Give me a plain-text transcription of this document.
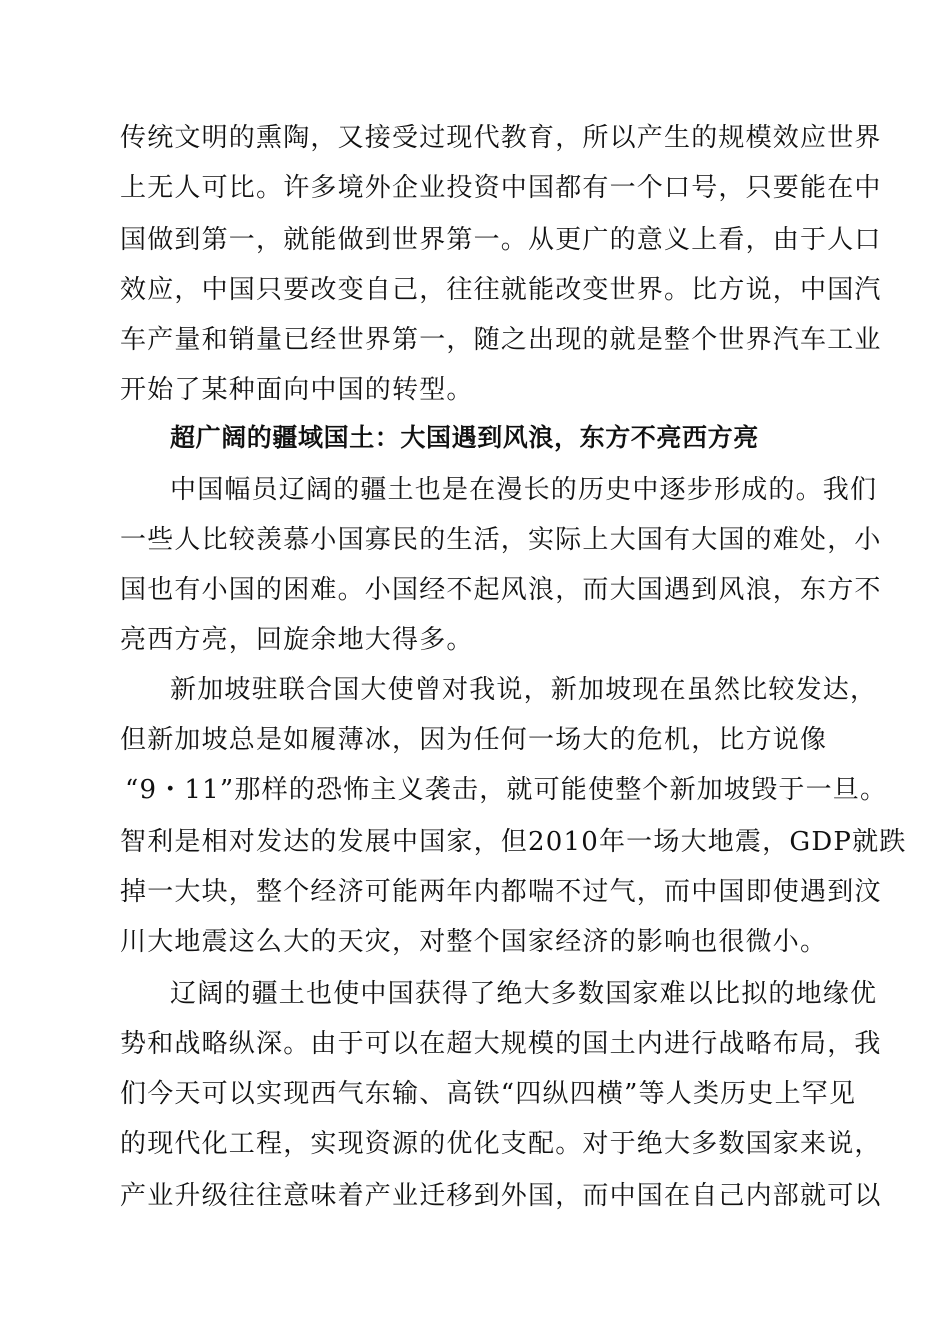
传统文明的熏陶，又接受过现代教育，所以产生的规模效应世界
上无人可比。许多境外企业投资中国都有一个口号，只要能在中
国做到第一，就能做到世界第一。从更广的意义上看，由于人口
效应，中国只要改变自己，往往就能改变世界。比方说，中国汽
车产量和销量已经世界第一，随之出现的就是整个世界汽车工业
开始了某种面向中国的转型。
超广阔的疆域国土：大国遇到风浪，东方不亮西方亮
中国幅员辽阔的疆土也是在漫长的历史中逐步形成的。我们
一些人比较羡慕小国寡民的生活，实际上大国有大国的难处，小
国也有小国的困难。小国经不起风浪，而大国遇到风浪，东方不
亮西方亮，回旋余地大得多。
新加坡驻联合国大使曾对我说，新加坡现在虽然比较发达，
但新加坡总是如履薄冰，因为任何一场大的危机，比方说像
“9・11”那样的恐怖主义袭击，就可能使整个新加坡毁于一旦。
智利是相对发达的发展中国家，但2010年一场大地震，GDP就跌
掉一大块，整个经济可能两年内都喘不过气，而中国即使遇到汶
川大地震这么大的天灾，对整个国家经济的影响也很微小。
辽阔的疆土也使中国获得了绝大多数国家难以比拟的地缘优
势和战略纵深。由于可以在超大规模的国土内进行战略布局，我
们今天可以实现西气东输、高铁“四纵四横”等人类历史上罕见
的现代化工程，实现资源的优化支配。对于绝大多数国家来说，
产业升级往往意味着产业迁移到外国，而中国在自己内部就可以
